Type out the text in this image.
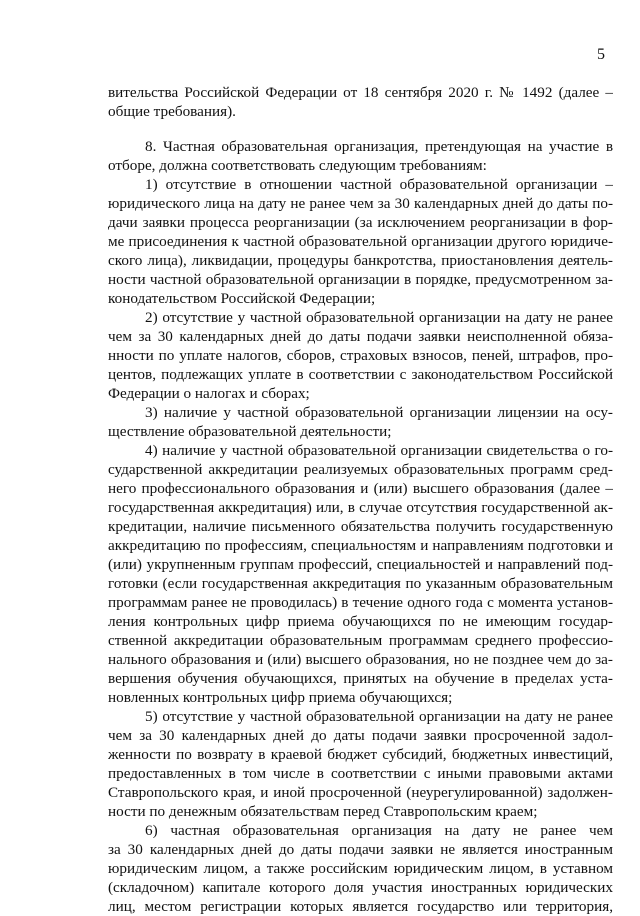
5
вительства Российской Федерации от 18 сентября 2020 г. № 1492 (далее –
общие требования).
8. Частная образовательная организация, претендующая на участие в
отборе, должна соответствовать следующим требованиям:
1) отсутствие в отношении частной образовательной организации –
юридического лица на дату не ранее чем за 30 календарных дней до даты по-
дачи заявки процесса реорганизации (за исключением реорганизации в фор-
ме присоединения к частной образовательной организации другого юридиче-
ского лица), ликвидации, процедуры банкротства, приостановления деятель-
ности частной образовательной организации в порядке, предусмотренном за-
конодательством Российской Федерации;
2) отсутствие у частной образовательной организации на дату не ранее
чем за 30 календарных дней до даты подачи заявки неисполненной обяза-
нности по уплате налогов, сборов, страховых взносов, пеней, штрафов, про-
центов, подлежащих уплате в соответствии с законодательством Российской
Федерации о налогах и сборах;
3) наличие у частной образовательной организации лицензии на осу-
ществление образовательной деятельности;
4) наличие у частной образовательной организации свидетельства о го-
сударственной аккредитации реализуемых образовательных программ сред-
него профессионального образования и (или) высшего образования (далее –
государственная аккредитация) или, в случае отсутствия государственной ак-
кредитации, наличие письменного обязательства получить государственную
аккредитацию по профессиям, специальностям и направлениям подготовки и
(или) укрупненным группам профессий, специальностей и направлений под-
готовки (если государственная аккредитация по указанным образовательным
программам ранее не проводилась) в течение одного года с момента установ-
ления контрольных цифр приема обучающихся по не имеющим государ-
ственной аккредитации образовательным программам среднего профессио-
нального образования и (или) высшего образования, но не позднее чем до за-
вершения обучения обучающихся, принятых на обучение в пределах уста-
новленных контрольных цифр приема обучающихся;
5) отсутствие у частной образовательной организации на дату не ранее
чем за 30 календарных дней до даты подачи заявки просроченной задол-
женности по возврату в краевой бюджет субсидий, бюджетных инвестиций,
предоставленных в том числе в соответствии с иными правовыми актами
Ставропольского края, и иной просроченной (неурегулированной) задолжен-
ности по денежным обязательствам перед Ставропольским краем;
6) частная образовательная организация на дату не ранее чем
за 30 календарных дней до даты подачи заявки не является иностранным
юридическим лицом, а также российским юридическим лицом, в уставном
(складочном) капитале которого доля участия иностранных юридических
лиц, местом регистрации которых является государство или территория,
